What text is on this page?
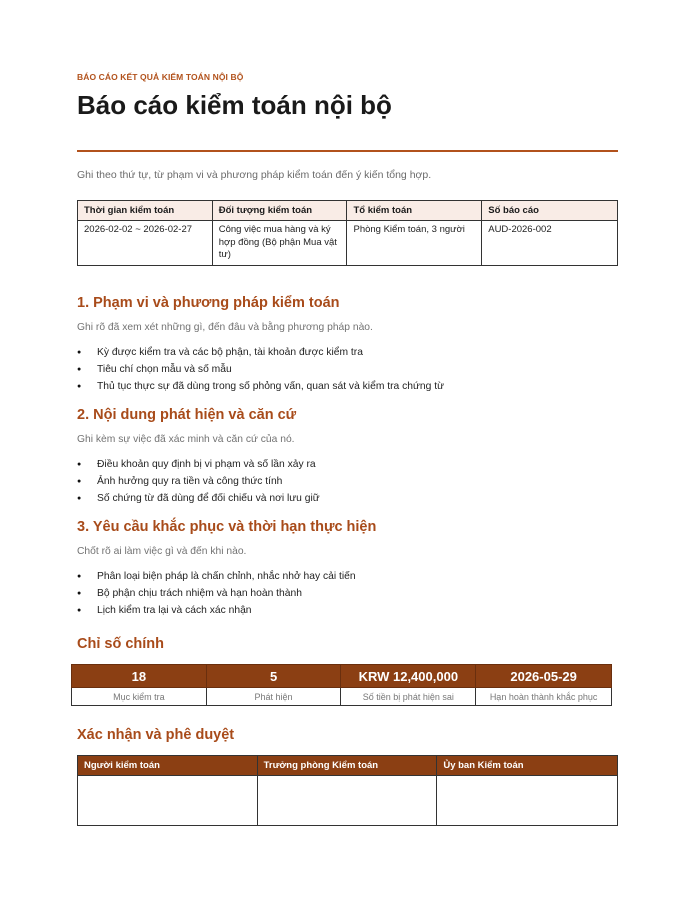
BÁO CÁO KẾT QUẢ KIỂM TOÁN NỘI BỘ
Báo cáo kiểm toán nội bộ

Ghi theo thứ tự, từ phạm vi và phương pháp kiểm toán đến ý kiến tổng hợp.

Thời gian kiểm toán	Đối tượng kiểm toán	Tổ kiểm toán	Số báo cáo
2026-02-02 ~ 2026-02-27	Công việc mua hàng và ký hợp đồng (Bộ phận Mua vật tư)	Phòng Kiểm toán, 3 người	AUD-2026-002
1. Phạm vi và phương pháp kiểm toán

Ghi rõ đã xem xét những gì, đến đâu và bằng phương pháp nào.

● Kỳ được kiểm tra và các bộ phận, tài khoản được kiểm tra
● Tiêu chí chọn mẫu và số mẫu
● Thủ tục thực sự đã dùng trong số phỏng vấn, quan sát và kiểm tra chứng từ
2. Nội dung phát hiện và căn cứ

Ghi kèm sự việc đã xác minh và căn cứ của nó.

● Điều khoản quy định bị vi phạm và số lần xảy ra
● Ảnh hưởng quy ra tiền và công thức tính
● Số chứng từ đã dùng để đối chiếu và nơi lưu giữ
3. Yêu cầu khắc phục và thời hạn thực hiện

Chốt rõ ai làm việc gì và đến khi nào.

● Phân loại biện pháp là chấn chỉnh, nhắc nhở hay cải tiến
● Bộ phận chịu trách nhiệm và hạn hoàn thành
● Lịch kiểm tra lại và cách xác nhận
Chỉ số chính
18	5	KRW 12,400,000	2026-05-29
Mục kiểm tra	Phát hiện	Số tiền bị phát hiện sai	Hạn hoàn thành khắc phục
Xác nhận và phê duyệt
Người kiểm toán	Trưởng phòng Kiểm toán	Ủy ban Kiểm toán
